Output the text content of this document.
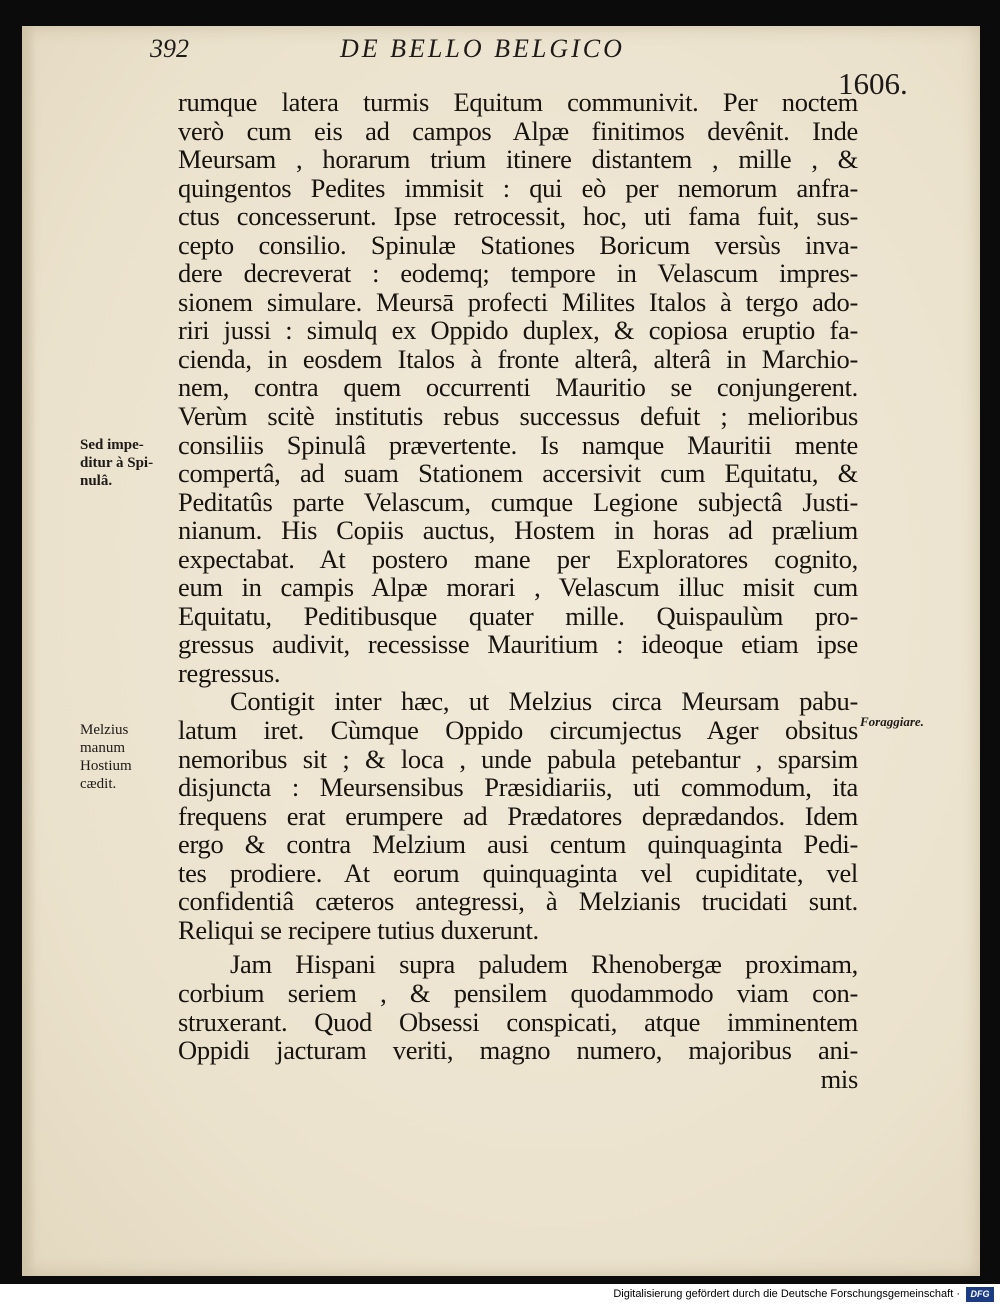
392	DE BELLO BELGICO
1606.
rumque latera turmis Equitum communivit. Per noctem
verò cum eis ad campos Alpæ finitimos devênit. Inde
Meursam , horarum trium itinere distantem , mille , &
quingentos Pedites immisit : qui eò per nemorum anfra-
ctus concesserunt. Ipse retrocessit, hoc, uti fama fuit, sus-
cepto consilio. Spinulæ Stationes Boricum versùs inva-
dere decreverat : eodemq; tempore in Velascum impres-
sionem simulare. Meursā profecti Milites Italos à tergo ado-
riri jussi : simulq ex Oppido duplex, & copiosa eruptio fa-
cienda, in eosdem Italos à fronte alterâ, alterâ in Marchio-
nem, contra quem occurrenti Mauritio se conjungerent.
Verùm scitè institutis rebus successus defuit ; melioribus
consiliis Spinulâ prævertente. Is namque Mauritii mente
compertâ, ad suam Stationem accersivit cum Equitatu, &
Peditatûs parte Velascum, cumque Legione subjectâ Justi-
nianum. His Copiis auctus, Hostem in horas ad prælium
expectabat. At postero mane per Exploratores cognito,
eum in campis Alpæ morari , Velascum illuc misit cum
Equitatu, Peditibusque quater mille. Quispaulùm pro-
gressus audivit, recessisse Mauritium : ideoque etiam ipse
regressus.
Contigit inter hæc, ut Melzius circa Meursam pabu-
latum iret. Cùmque Oppido circumjectus Ager obsitus
nemoribus sit ; & loca , unde pabula petebantur , sparsim
disjuncta : Meursensibus Præsidiariis, uti commodum, ita
frequens erat erumpere ad Prædatores deprædandos. Idem
ergo & contra Melzium ausi centum quinquaginta Pedi-
tes prodiere. At eorum quinquaginta vel cupiditate, vel
confidentiâ cæteros antegressi, à Melzianis trucidati sunt.
Reliqui se recipere tutius duxerunt.
Jam Hispani supra paludem Rhenobergæ proximam,
corbium seriem , & pensilem quodammodo viam con-
struxerant. Quod Obsessi conspicati, atque imminentem
Oppidi jacturam veriti, magno numero, majoribus ani-
mis
Sed impe-
ditur à Spi-
nulâ.
Melzius
manum
Hostium
cædit.
Foraggiare.
Digitalisierung gefördert durch die Deutsche Forschungsgemeinschaft ·	DFG
